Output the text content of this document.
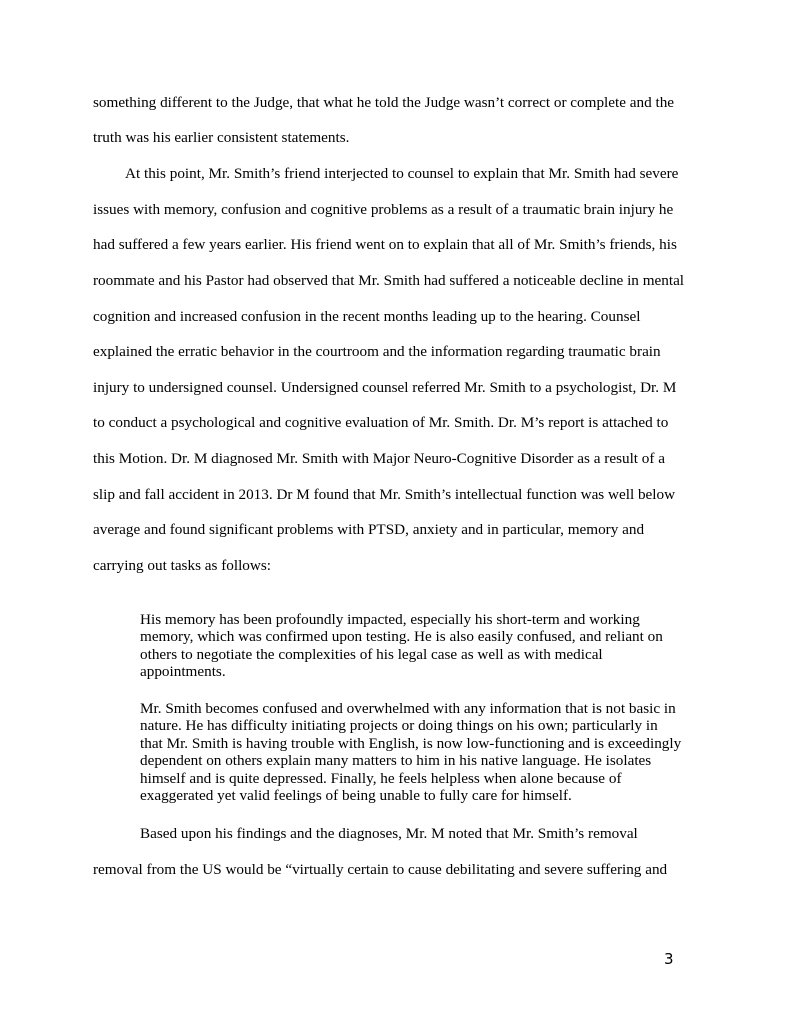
something different to the Judge, that what he told the Judge wasn’t correct or complete and the
truth was his earlier consistent statements.
At this point, Mr. Smith’s friend interjected to counsel to explain that Mr. Smith had severe
issues with memory, confusion and cognitive problems as a result of a traumatic brain injury he
had suffered a few years earlier. His friend went on to explain that all of Mr. Smith’s friends, his
roommate and his Pastor had observed that Mr. Smith had suffered a noticeable decline in mental
cognition and increased confusion in the recent months leading up to the hearing. Counsel
explained the erratic behavior in the courtroom and the information regarding traumatic brain
injury to undersigned counsel. Undersigned counsel referred Mr. Smith to a psychologist, Dr. M
to conduct a psychological and cognitive evaluation of Mr. Smith. Dr. M’s report is attached to
this Motion. Dr. M diagnosed Mr. Smith with Major Neuro-Cognitive Disorder as a result of a
slip and fall accident in 2013. Dr M found that Mr. Smith’s intellectual function was well below
average and found significant problems with PTSD, anxiety and in particular, memory and
carrying out tasks as follows:
His memory has been profoundly impacted, especially his short-term and working
memory, which was confirmed upon testing. He is also easily confused, and reliant on
others to negotiate the complexities of his legal case as well as with medical
appointments.
Mr. Smith becomes confused and overwhelmed with any information that is not basic in
nature. He has difficulty initiating projects or doing things on his own; particularly in
that Mr. Smith is having trouble with English, is now low-functioning and is exceedingly
dependent on others explain many matters to him in his native language. He isolates
himself and is quite depressed. Finally, he feels helpless when alone because of
exaggerated yet valid feelings of being unable to fully care for himself.
Based upon his findings and the diagnoses, Mr. M noted that Mr. Smith’s removal
removal from the US would be “virtually certain to cause debilitating and severe suffering and
3
